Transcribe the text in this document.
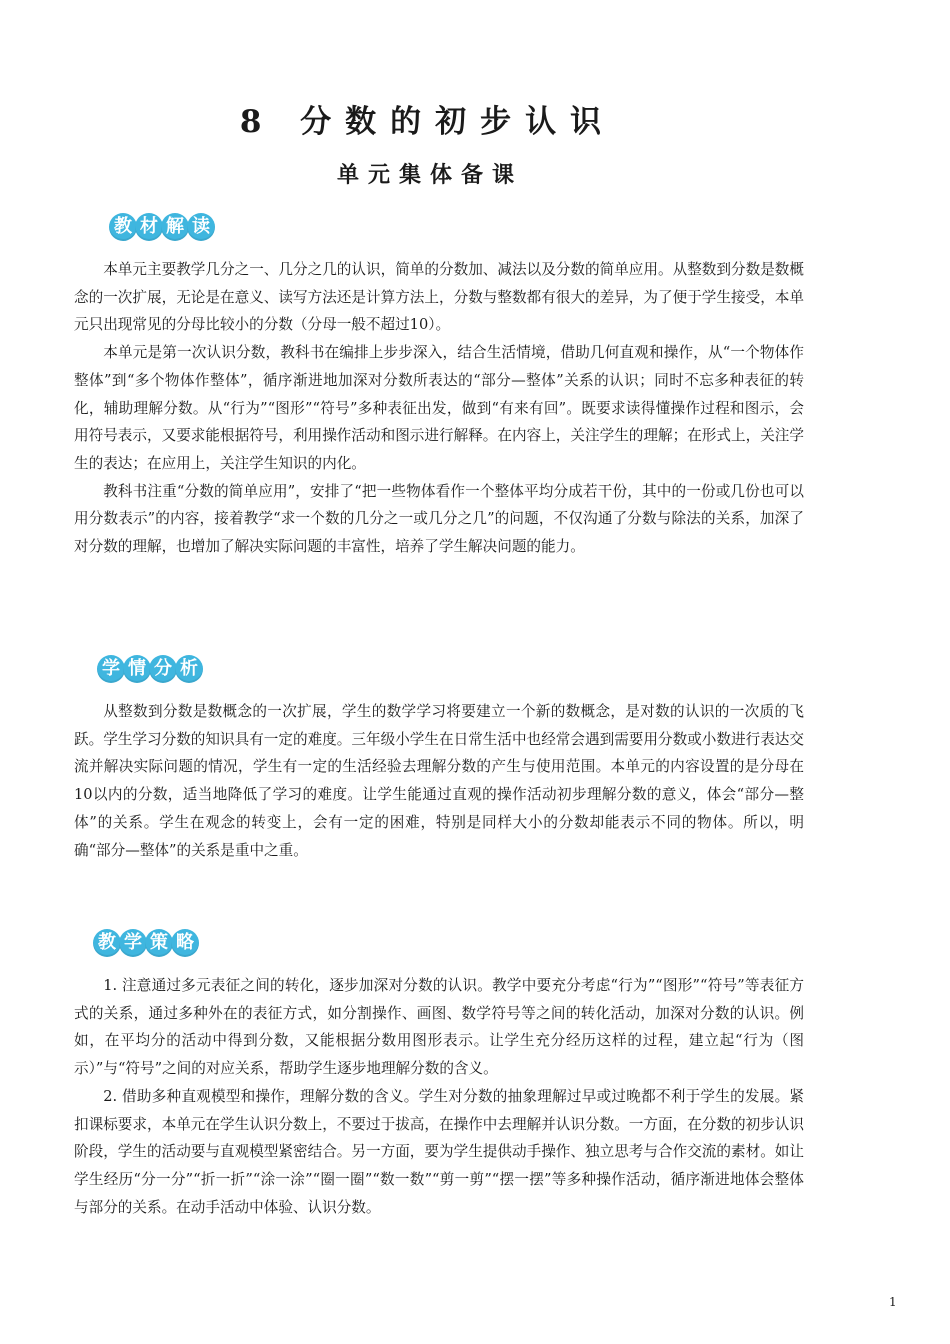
8 分数的初步认识
单元集体备课
教 材 解 读

本单元主要教学几分之一、几分之几的认识，简单的分数加、减法以及分数的简单应用。从整数到分数是数概念的一次扩展，无论是在意义、读写方法还是计算方法上，分数与整数都有很大的差异，为了便于学生接受，本单元只出现常见的分母比较小的分数（分母一般不超过10）。

本单元是第一次认识分数，教科书在编排上步步深入，结合生活情境，借助几何直观和操作，从“一个物体作整体”到“多个物体作整体”，循序渐进地加深对分数所表达的“部分—整体”关系的认识；同时不忘多种表征的转化，辅助理解分数。从“行为”“图形”“符号”多种表征出发，做到“有来有回”。既要求读得懂操作过程和图示，会用符号表示，又要求能根据符号，利用操作活动和图示进行解释。在内容上，关注学生的理解；在形式上，关注学生的表达；在应用上，关注学生知识的内化。

教科书注重“分数的简单应用”，安排了“把一些物体看作一个整体平均分成若干份，其中的一份或几份也可以用分数表示”的内容，接着教学“求一个数的几分之一或几分之几”的问题，不仅沟通了分数与除法的关系，加深了对分数的理解，也增加了解决实际问题的丰富性，培养了学生解决问题的能力。

学 情 分 析

从整数到分数是数概念的一次扩展，学生的数学学习将要建立一个新的数概念，是对数的认识的一次质的飞跃。学生学习分数的知识具有一定的难度。三年级小学生在日常生活中也经常会遇到需要用分数或小数进行表达交流并解决实际问题的情况，学生有一定的生活经验去理解分数的产生与使用范围。本单元的内容设置的是分母在10以内的分数，适当地降低了学习的难度。让学生能通过直观的操作活动初步理解分数的意义，体会“部分—整体”的关系。学生在观念的转变上，会有一定的困难，特别是同样大小的分数却能表示不同的物体。所以，明确“部分—整体”的关系是重中之重。

教 学 策 略

1. 注意通过多元表征之间的转化，逐步加深对分数的认识。教学中要充分考虑“行为”“图形”“符号”等表征方式的关系，通过多种外在的表征方式，如分割操作、画图、数学符号等之间的转化活动，加深对分数的认识。例如，在平均分的活动中得到分数，又能根据分数用图形表示。让学生充分经历这样的过程，建立起“行为（图示）”与“符号”之间的对应关系，帮助学生逐步地理解分数的含义。

2. 借助多种直观模型和操作，理解分数的含义。学生对分数的抽象理解过早或过晚都不利于学生的发展。紧扣课标要求，本单元在学生认识分数上，不要过于拔高，在操作中去理解并认识分数。一方面，在分数的初步认识阶段，学生的活动要与直观模型紧密结合。另一方面，要为学生提供动手操作、独立思考与合作交流的素材。如让学生经历“分一分”“折一折”“涂一涂”“圈一圈”“数一数”“剪一剪”“摆一摆”等多种操作活动，循序渐进地体会整体与部分的关系。在动手活动中体验、认识分数。

1
